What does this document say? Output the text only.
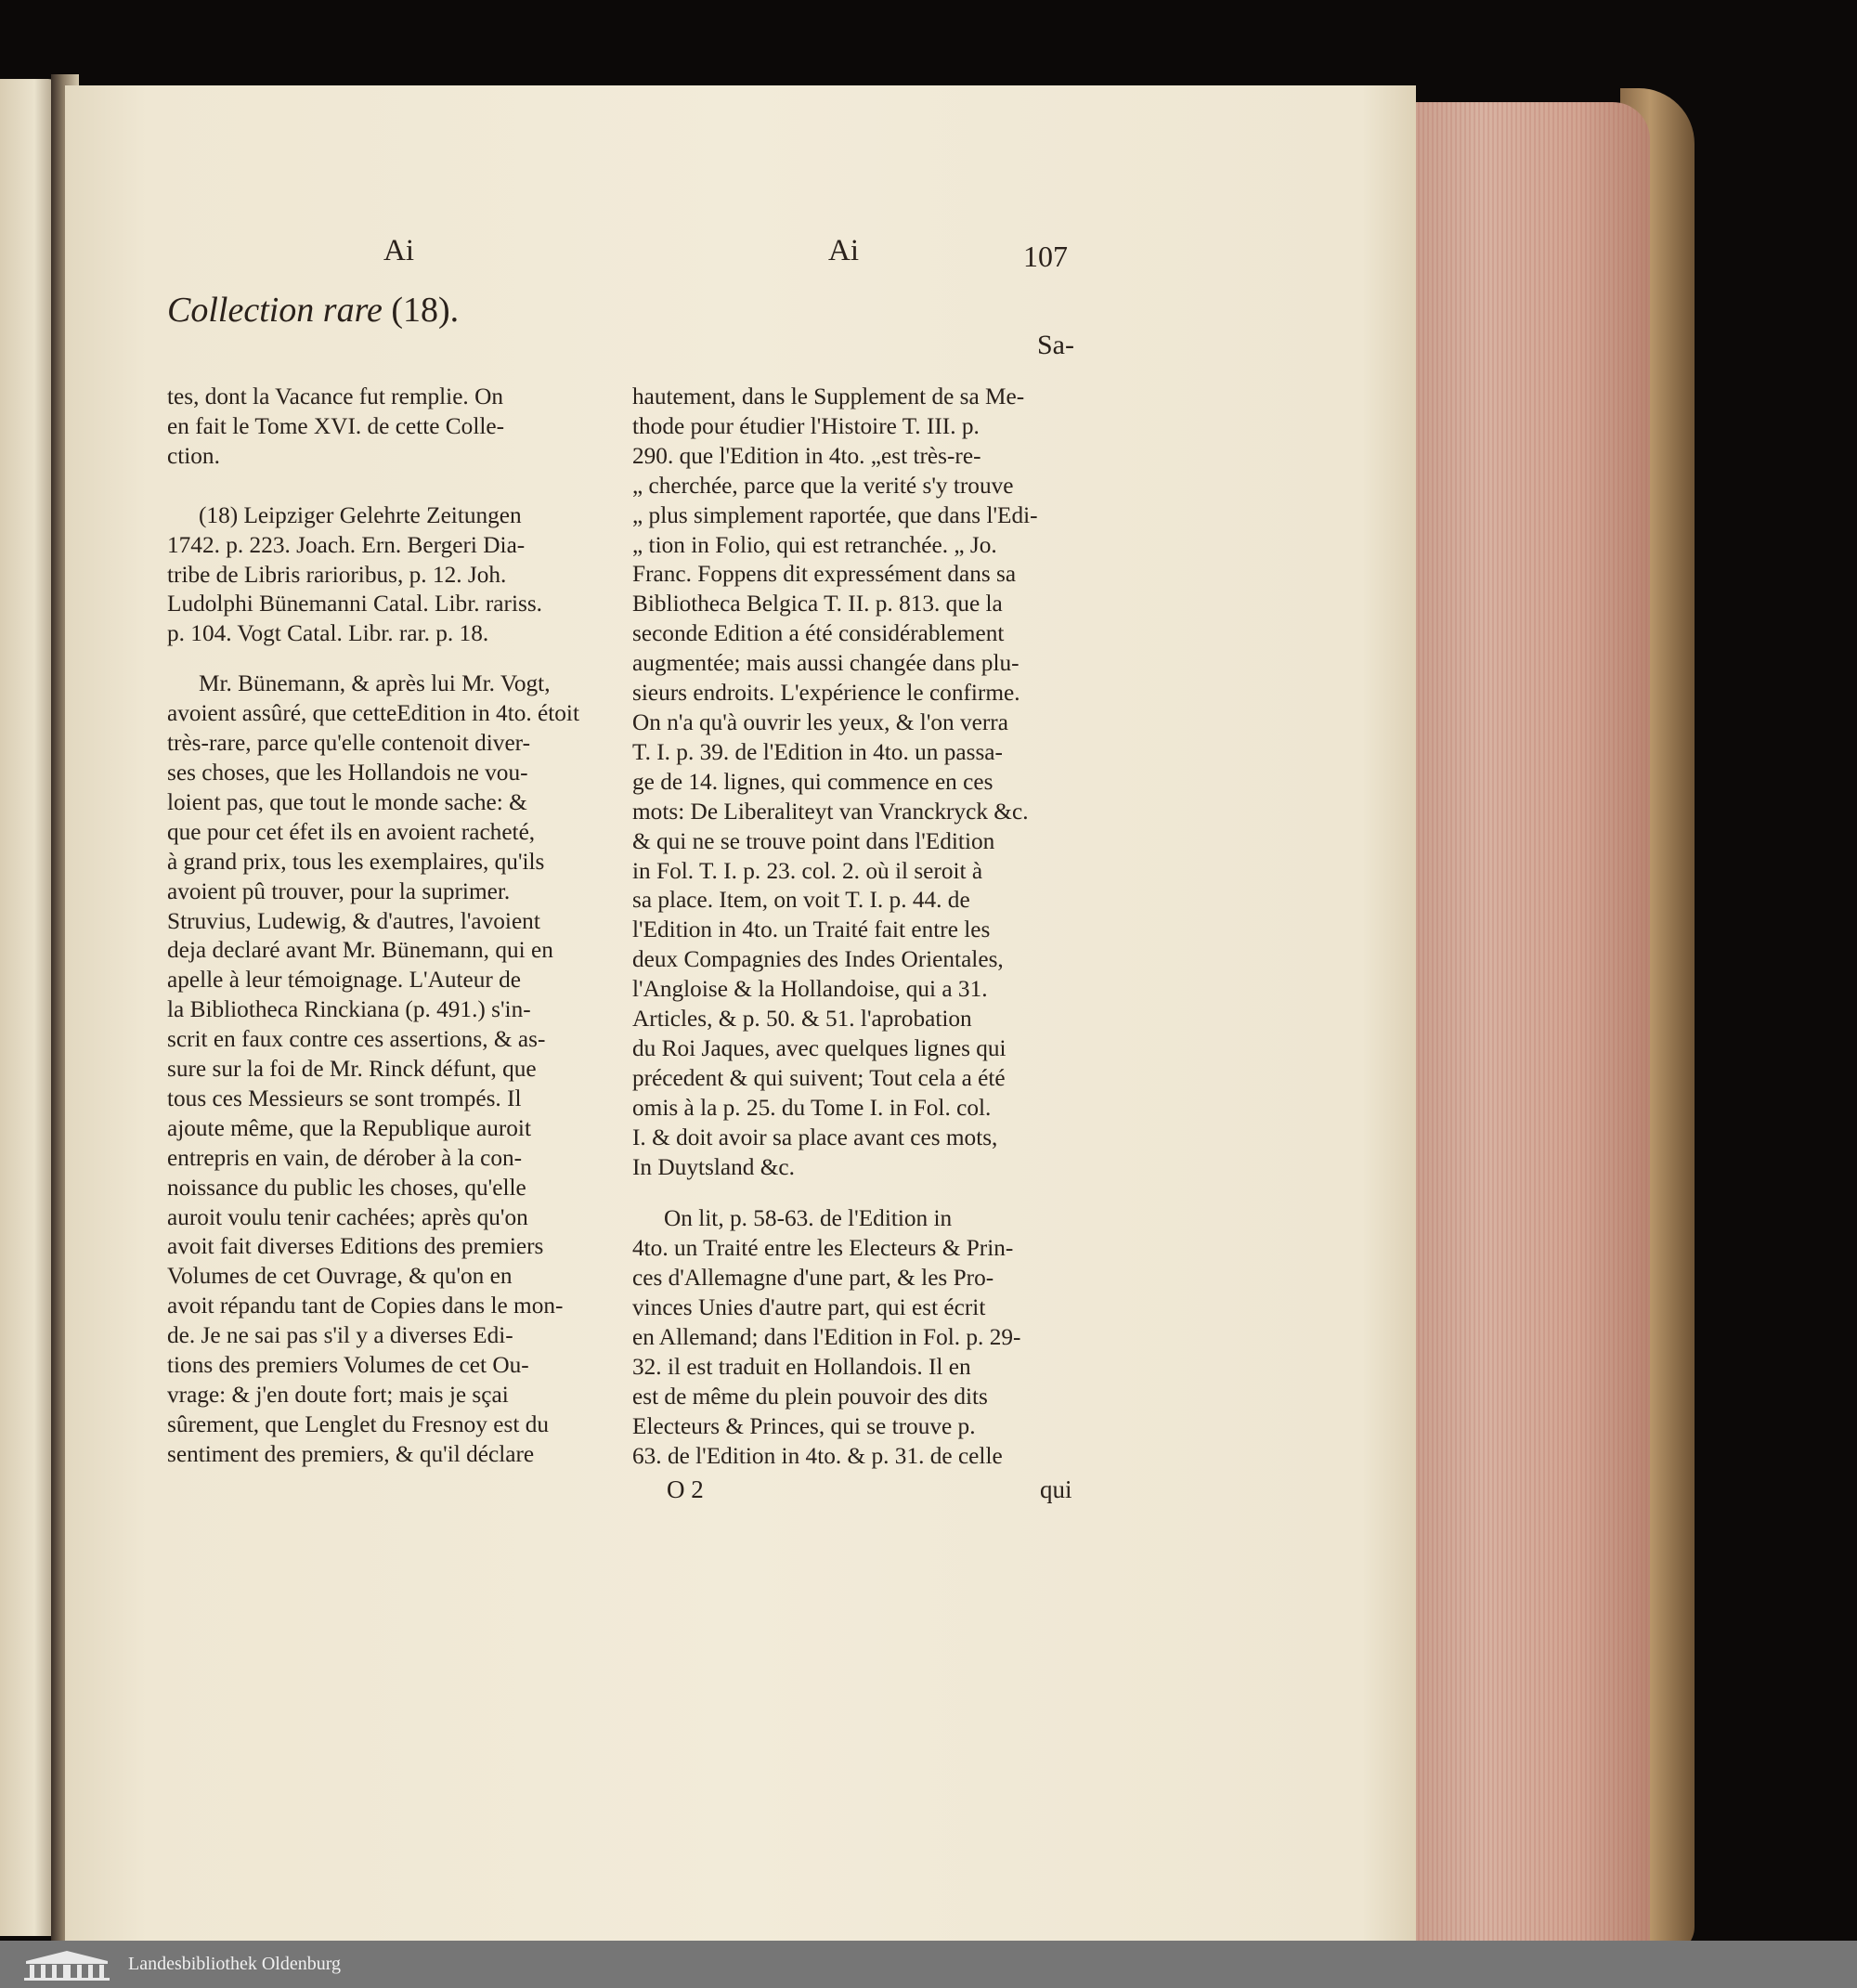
Ai	Ai	107
Collection rare (18).
Sa-
tes, dont la Vacance fut remplie. On
en fait le Tome XVI. de cette Colle-
ction.
(18) Leipziger Gelehrte Zeitungen
1742. p. 223. Joach. Ern. Bergeri Dia-
tribe de Libris rarioribus, p. 12. Joh.
Ludolphi Bünemanni Catal. Libr. rariss.
p. 104. Vogt Catal. Libr. rar. p. 18.
Mr. Bünemann, & après lui Mr. Vogt,
avoient assûré, que cetteEdition in 4to. étoit
très-rare, parce qu'elle contenoit diver-
ses choses, que les Hollandois ne vou-
loient pas, que tout le monde sache: &
que pour cet éfet ils en avoient racheté,
à grand prix, tous les exemplaires, qu'ils
avoient pû trouver, pour la suprimer.
Struvius, Ludewig, & d'autres, l'avoient
deja declaré avant Mr. Bünemann, qui en
apelle à leur témoignage. L'Auteur de
la Bibliotheca Rinckiana (p. 491.) s'in-
scrit en faux contre ces assertions, & as-
sure sur la foi de Mr. Rinck défunt, que
tous ces Messieurs se sont trompés. Il
ajoute même, que la Republique auroit
entrepris en vain, de dérober à la con-
noissance du public les choses, qu'elle
auroit voulu tenir cachées; après qu'on
avoit fait diverses Editions des premiers
Volumes de cet Ouvrage, & qu'on en
avoit répandu tant de Copies dans le mon-
de. Je ne sai pas s'il y a diverses Edi-
tions des premiers Volumes de cet Ou-
vrage: & j'en doute fort; mais je sçai
sûrement, que Lenglet du Fresnoy est du
sentiment des premiers, & qu'il déclare
hautement, dans le Supplement de sa Me-
thode pour étudier l'Histoire T. III. p.
290. que l'Edition in 4to. „est très-re-
„ cherchée, parce que la verité s'y trouve
„ plus simplement raportée, que dans l'Edi-
„ tion in Folio, qui est retranchée. „ Jo.
Franc. Foppens dit expressément dans sa
Bibliotheca Belgica T. II. p. 813. que la
seconde Edition a été considérablement
augmentée; mais aussi changée dans plu-
sieurs endroits. L'expérience le confirme.
On n'a qu'à ouvrir les yeux, & l'on verra
T. I. p. 39. de l'Edition in 4to. un passa-
ge de 14. lignes, qui commence en ces
mots: De Liberaliteyt van Vranckryck &c.
& qui ne se trouve point dans l'Edition
in Fol. T. I. p. 23. col. 2. où il seroit à
sa place. Item, on voit T. I. p. 44. de
l'Edition in 4to. un Traité fait entre les
deux Compagnies des Indes Orientales,
l'Angloise & la Hollandoise, qui a 31.
Articles, & p. 50. & 51. l'aprobation
du Roi Jaques, avec quelques lignes qui
précedent & qui suivent; Tout cela a été
omis à la p. 25. du Tome I. in Fol. col.
I. & doit avoir sa place avant ces mots,
In Duytsland &c.
On lit, p. 58-63. de l'Edition in
4to. un Traité entre les Electeurs & Prin-
ces d'Allemagne d'une part, & les Pro-
vinces Unies d'autre part, qui est écrit
en Allemand; dans l'Edition in Fol. p. 29-
32. il est traduit en Hollandois. Il en
est de même du plein pouvoir des dits
Electeurs & Princes, qui se trouve p.
63. de l'Edition in 4to. & p. 31. de celle
O 2	qui
Landesbibliothek Oldenburg
